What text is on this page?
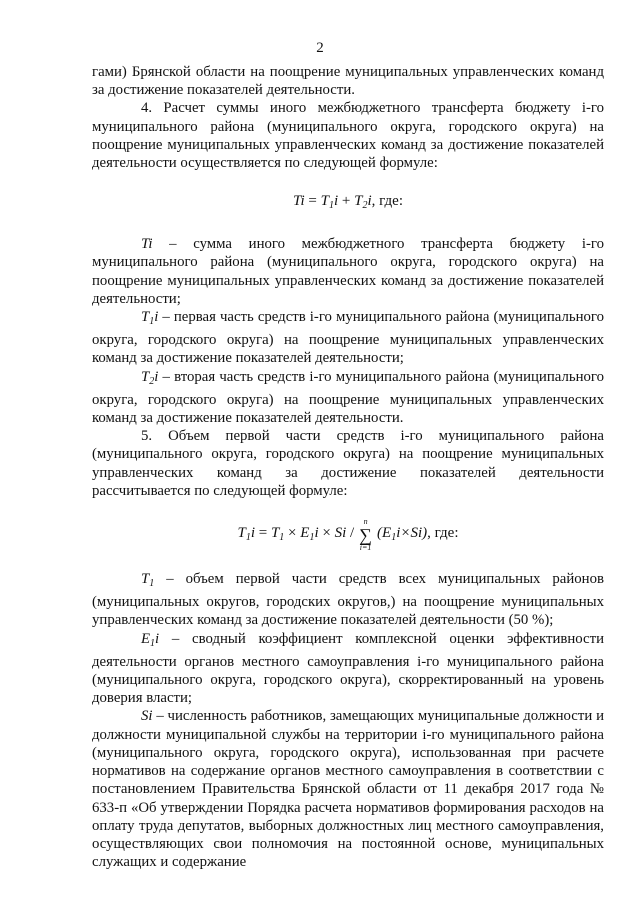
2

гами) Брянской области на поощрение муниципальных управленческих команд за достижение показателей деятельности.

4. Расчет суммы иного межбюджетного трансферта бюджету i-го муниципального района (муниципального округа, городского округа) на поощрение муниципальных управленческих команд за достижение показателей деятельности осуществляется по следующей формуле:

$Ti = T_1i + T_2i$, где:

Ti – сумма иного межбюджетного трансферта бюджету i-го муниципального района (муниципального округа, городского округа) на поощрение муниципальных управленческих команд за достижение показателей деятельности;

$T_1i$ – первая часть средств i-го муниципального района (муниципального округа, городского округа) на поощрение муниципальных управленческих команд за достижение показателей деятельности;

$T_2i$ – вторая часть средств i-го муниципального района (муниципального округа, городского округа) на поощрение муниципальных управленческих команд за достижение показателей деятельности.

5. Объем первой части средств i-го муниципального района (муниципального округа, городского округа) на поощрение муниципальных управленческих команд за достижение показателей деятельности рассчитывается по следующей формуле:

$T_1i = T_1 \times E_1i \times Si$ /
n
∑
i=1
$(E_1i\times Si)$, где:

$T_1$ – объем первой части средств всех муниципальных районов (муниципальных округов, городских округов,) на поощрение муниципальных управленческих команд за достижение показателей деятельности (50 %);

$E_1i$ – сводный коэффициент комплексной оценки эффективности деятельности органов местного самоуправления i-го муниципального района (муниципального округа, городского округа), скорректированный на уровень доверия власти;

Si – численность работников, замещающих муниципальные должности и должности муниципальной службы на территории i-го муниципального района (муниципального округа, городского округа), использованная при расчете нормативов на содержание органов местного самоуправления в соответствии с постановлением Правительства Брянской области от 11 декабря 2017 года № 633-п «Об утверждении Порядка расчета нормативов формирования расходов на оплату труда депутатов, выборных должностных лиц местного самоуправления, осуществляющих свои полномочия на постоянной основе, муниципальных служащих и содержание
